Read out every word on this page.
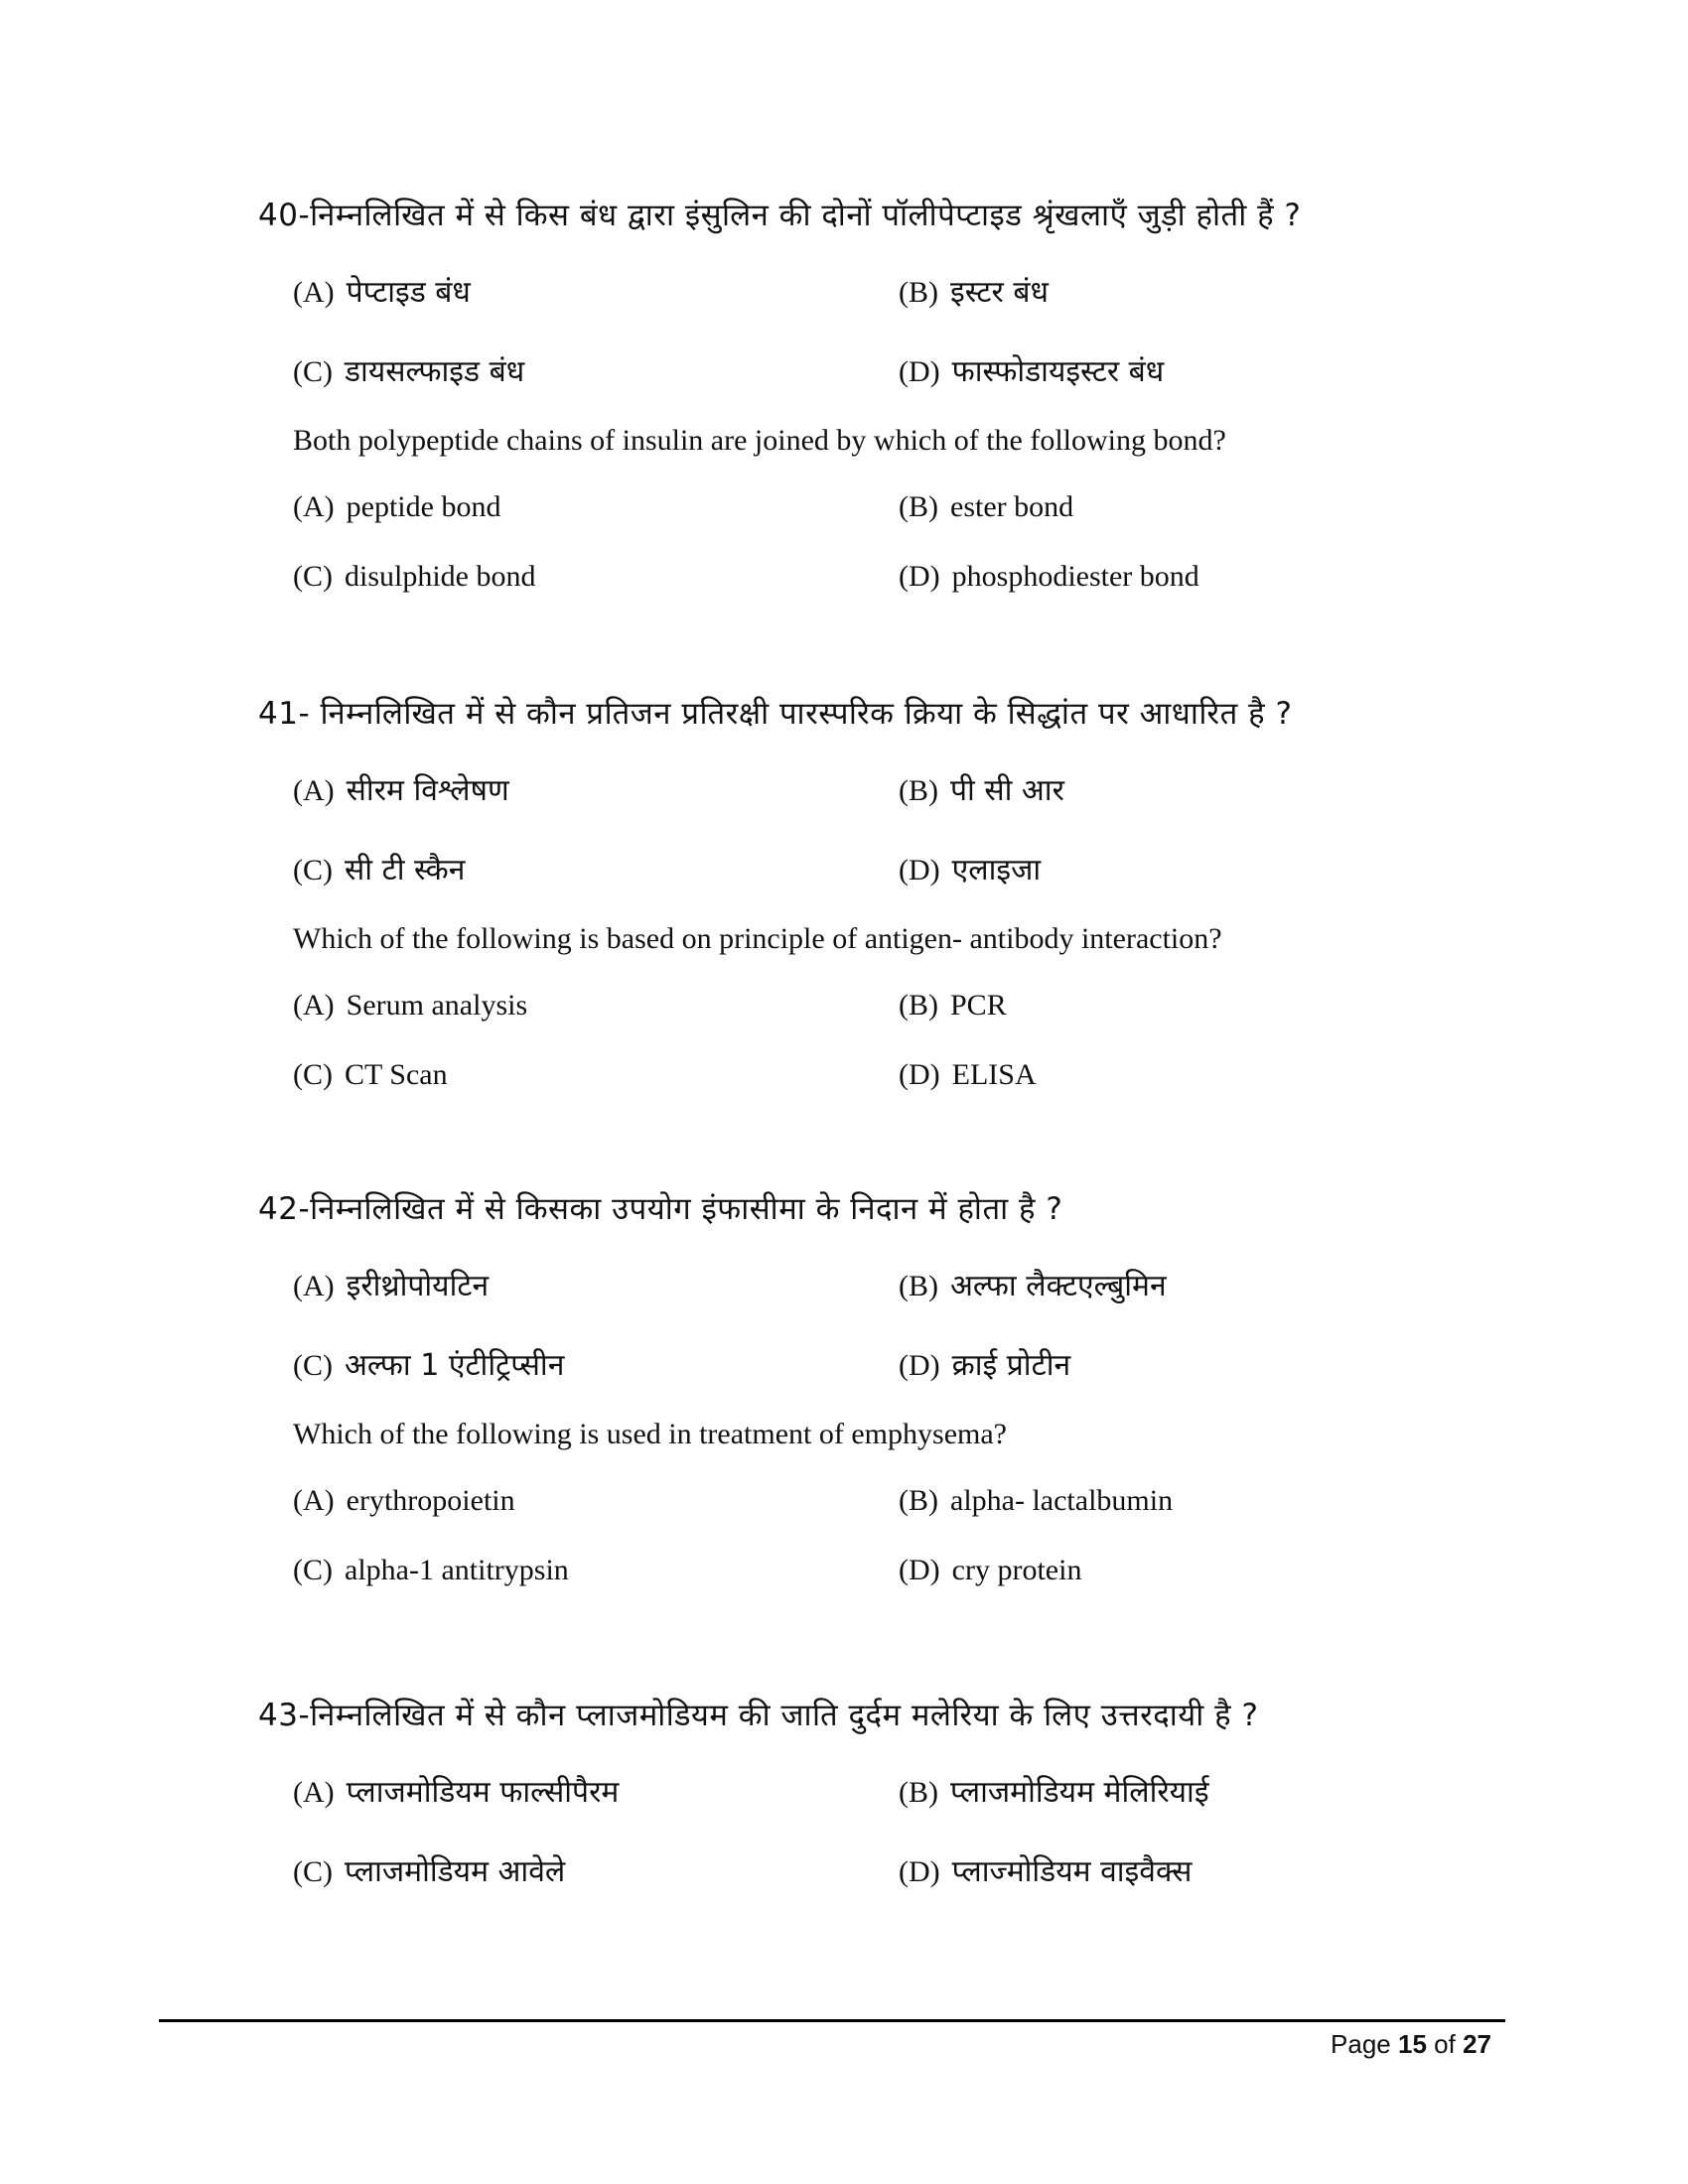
40-निम्नलिखित में से किस बंध द्वारा इंसुलिन की दोनों पॉलीपेप्टाइड श्रृंखलाएँ जुड़ी होती हैं ?
(A) पेप्टाइड बंध	(B) इस्टर बंध
(C) डायसल्फाइड बंध	(D) फास्फोडायइस्टर बंध
Both polypeptide chains of insulin are joined by which of the following bond?
(A) peptide bond	(B) ester bond
(C) disulphide bond	(D) phosphodiester bond
41- निम्नलिखित में से कौन प्रतिजन प्रतिरक्षी पारस्परिक क्रिया के सिद्धांत पर आधारित है ?
(A) सीरम विश्लेषण	(B) पी सी आर
(C) सी टी स्कैन	(D) एलाइजा
Which of the following is based on principle of antigen- antibody interaction?
(A) Serum analysis	(B) PCR
(C) CT Scan	(D) ELISA
42-निम्नलिखित में से किसका उपयोग इंफासीमा के निदान में होता है ?
(A) इरीथ्रोपोयटिन	(B) अल्फा लैक्टएल्बुमिन
(C) अल्फा 1 एंटीट्रिप्सीन	(D) क्राई प्रोटीन
Which of the following is used in treatment of emphysema?
(A) erythropoietin	(B) alpha- lactalbumin
(C) alpha-1 antitrypsin	(D) cry protein
43-निम्नलिखित में से कौन प्लाजमोडियम की जाति दुर्दम मलेरिया के लिए उत्तरदायी है ?
(A) प्लाजमोडियम फाल्सीपैरम	(B) प्लाजमोडियम मेलिरियाई
(C) प्लाजमोडियम आवेले	(D) प्लाज्मोडियम वाइवैक्स
Page 15 of 27
